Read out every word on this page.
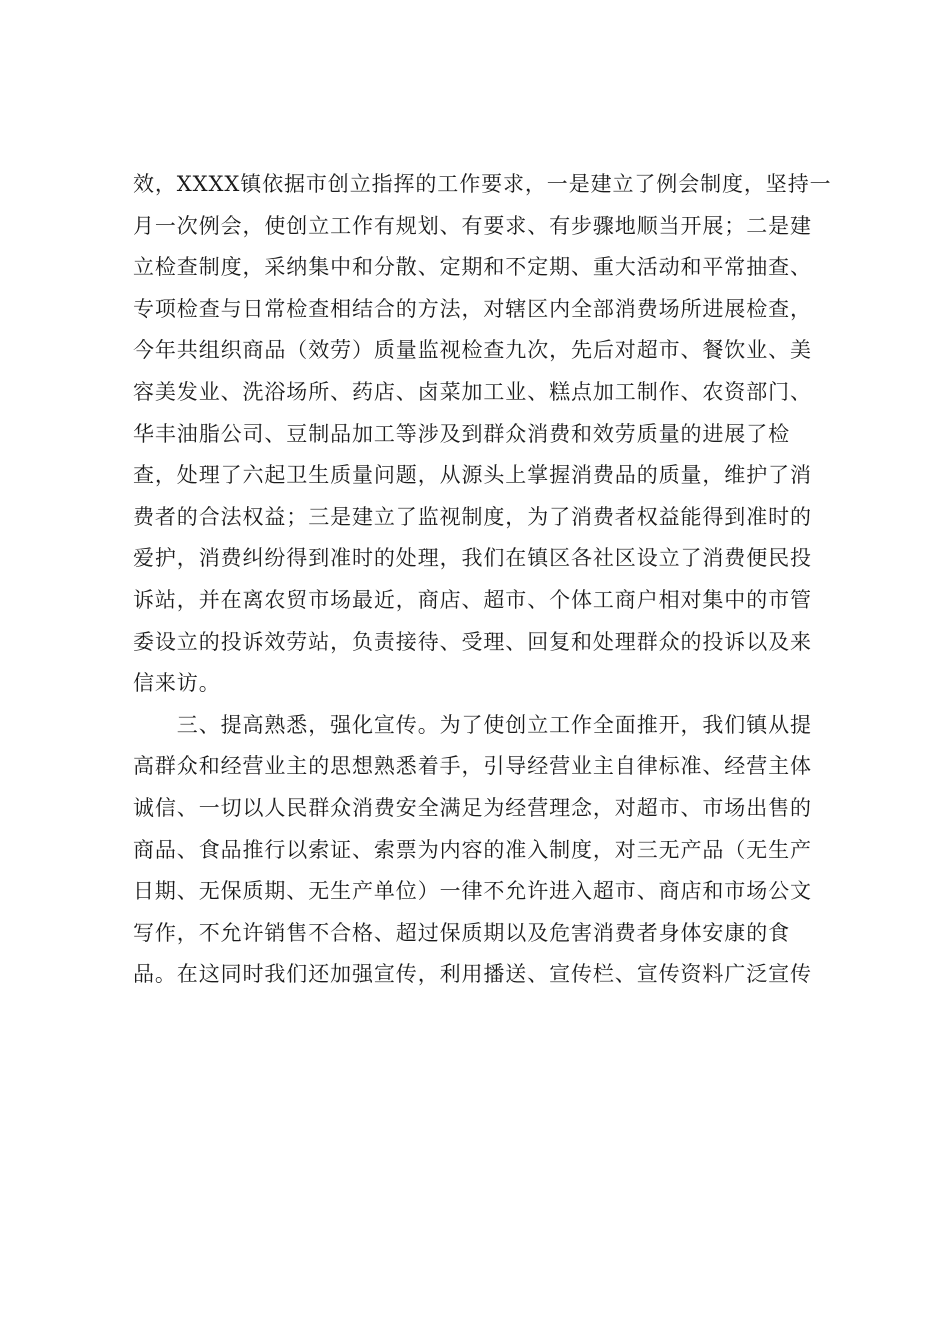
效，XXXX镇依据市创立指挥的工作要求，一是建立了例会制度，坚持一
月一次例会，使创立工作有规划、有要求、有步骤地顺当开展；二是建
立检查制度，采纳集中和分散、定期和不定期、重大活动和平常抽查、
专项检查与日常检查相结合的方法，对辖区内全部消费场所进展检查，
今年共组织商品（效劳）质量监视检查九次，先后对超市、餐饮业、美
容美发业、洗浴场所、药店、卤菜加工业、糕点加工制作、农资部门、
华丰油脂公司、豆制品加工等涉及到群众消费和效劳质量的进展了检
查，处理了六起卫生质量问题，从源头上掌握消费品的质量，维护了消
费者的合法权益；三是建立了监视制度，为了消费者权益能得到准时的
爱护，消费纠纷得到准时的处理，我们在镇区各社区设立了消费便民投
诉站，并在离农贸市场最近，商店、超市、个体工商户相对集中的市管
委设立的投诉效劳站，负责接待、受理、回复和处理群众的投诉以及来
信来访。
　　三、提高熟悉，强化宣传。为了使创立工作全面推开，我们镇从提
高群众和经营业主的思想熟悉着手，引导经营业主自律标准、经营主体
诚信、一切以人民群众消费安全满足为经营理念，对超市、市场出售的
商品、食品推行以索证、索票为内容的准入制度，对三无产品（无生产
日期、无保质期、无生产单位）一律不允许进入超市、商店和市场公文
写作，不允许销售不合格、超过保质期以及危害消费者身体安康的食
品。在这同时我们还加强宣传，利用播送、宣传栏、宣传资料广泛宣传
